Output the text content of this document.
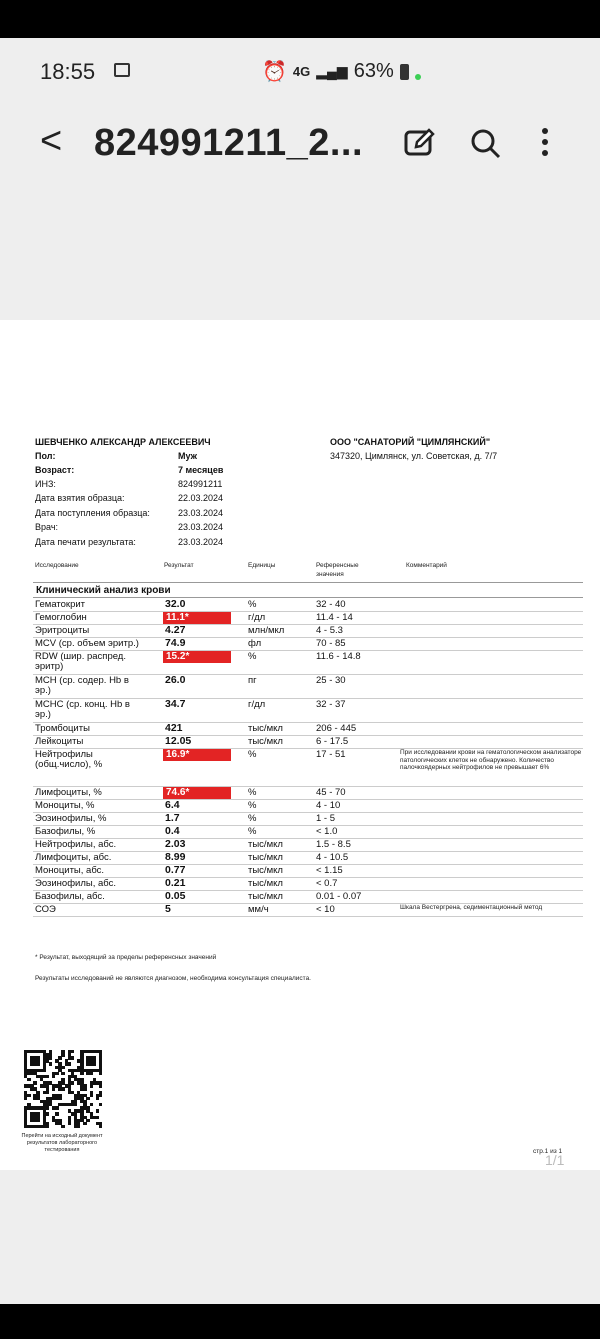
18:55	⏰ 4G ▂▄▆ 63%
< 824991211_2...
ШЕВЧЕНКО АЛЕКСАНДР АЛЕКСЕЕВИЧ
Пол:	Муж
Возраст:	7 месяцев
ИНЗ:	824991211
Дата взятия образца:	22.03.2024
Дата поступления образца:	23.03.2024
Врач:	23.03.2024
Дата печати результата:	23.03.2024
ООО "САНАТОРИЙ "ЦИМЛЯНСКИЙ"
347320, Цимлянск, ул. Советская, д. 7/7
Исследование	Результат	Единицы	Референсные
значения
Комментарий
Клинический анализ крови
Гематокрит	32.0	%	32 - 40
Гемоглобин	11.1*	г/дл	11.4 - 14
Эритроциты	4.27	млн/мкл	4 - 5.3
MCV (ср. объем эритр.) 74.9	фл	70 - 85
RDW (шир. распред.
эритр)
15.2*	%	11.6 - 14.8
MCH (ср. содер. Hb в
эр.)
26.0	пг	25 - 30
MCHC (ср. конц. Hb в
эр.)
34.7	г/дл	32 - 37
Тромбоциты	421	тыс/мкл	206 - 445
Лейкоциты	12.05	тыс/мкл	6 - 17.5
Нейтрофилы
(общ.число), %
16.9*	%	17 - 51	При исследовании крови на гематологическом анализаторе патологических клеток не обнаружено. Количество палочкоядерных нейтрофилов не превышает 6%
Лимфоциты, %	74.6*	%	45 - 70
Моноциты, %	6.4	%	4 - 10
Эозинофилы, %	1.7	%	1 - 5
Базофилы, %	0.4	%	< 1.0
Нейтрофилы, абс.	2.03	тыс/мкл	1.5 - 8.5
Лимфоциты, абс.	8.99	тыс/мкл	4 - 10.5
Моноциты, абс.	0.77	тыс/мкл	< 1.15
Эозинофилы, абс.	0.21	тыс/мкл	< 0.7
Базофилы, абс.	0.05	тыс/мкл	0.01 - 0.07
СОЭ	5	мм/ч	< 10	Шкала Вестергрена, седиментационный метод
* Результат, выходящий за пределы референсных значений
Результаты исследований не являются диагнозом, необходима консультация специалиста.
Перейти на исходный документ результатов лабораторного тестирования	стр.1 из 1
1/1
